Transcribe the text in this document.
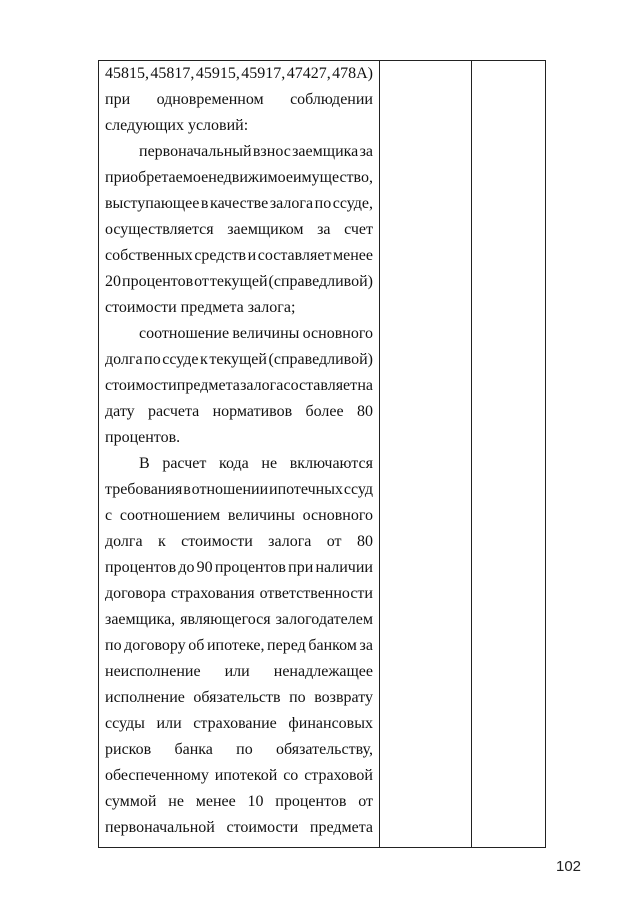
45815, 45817, 45915, 45917, 47427, 478А)
при одновременном соблюдении
следующих условий:
первоначальный взнос заемщика за
приобретаемое недвижимое имущество,
выступающее в качестве залога по ссуде,
осуществляется заемщиком за счет
собственных средств и составляет менее
20 процентов от текущей (справедливой)
стоимости предмета залога;
соотношение величины основного
долга по ссуде к текущей (справедливой)
стоимости предмета залога составляет на
дату расчета нормативов более 80
процентов.
В расчет кода не включаются
требования в отношении ипотечных ссуд
с соотношением величины основного
долга к стоимости залога от 80
процентов до 90 процентов при наличии
договора страхования ответственности
заемщика, являющегося залогодателем
по договору об ипотеке, перед банком за
неисполнение или ненадлежащее
исполнение обязательств по возврату
ссуды или страхование финансовых
рисков банка по обязательству,
обеспеченному ипотекой со страховой
суммой не менее 10 процентов от
первоначальной стоимости предмета
102
